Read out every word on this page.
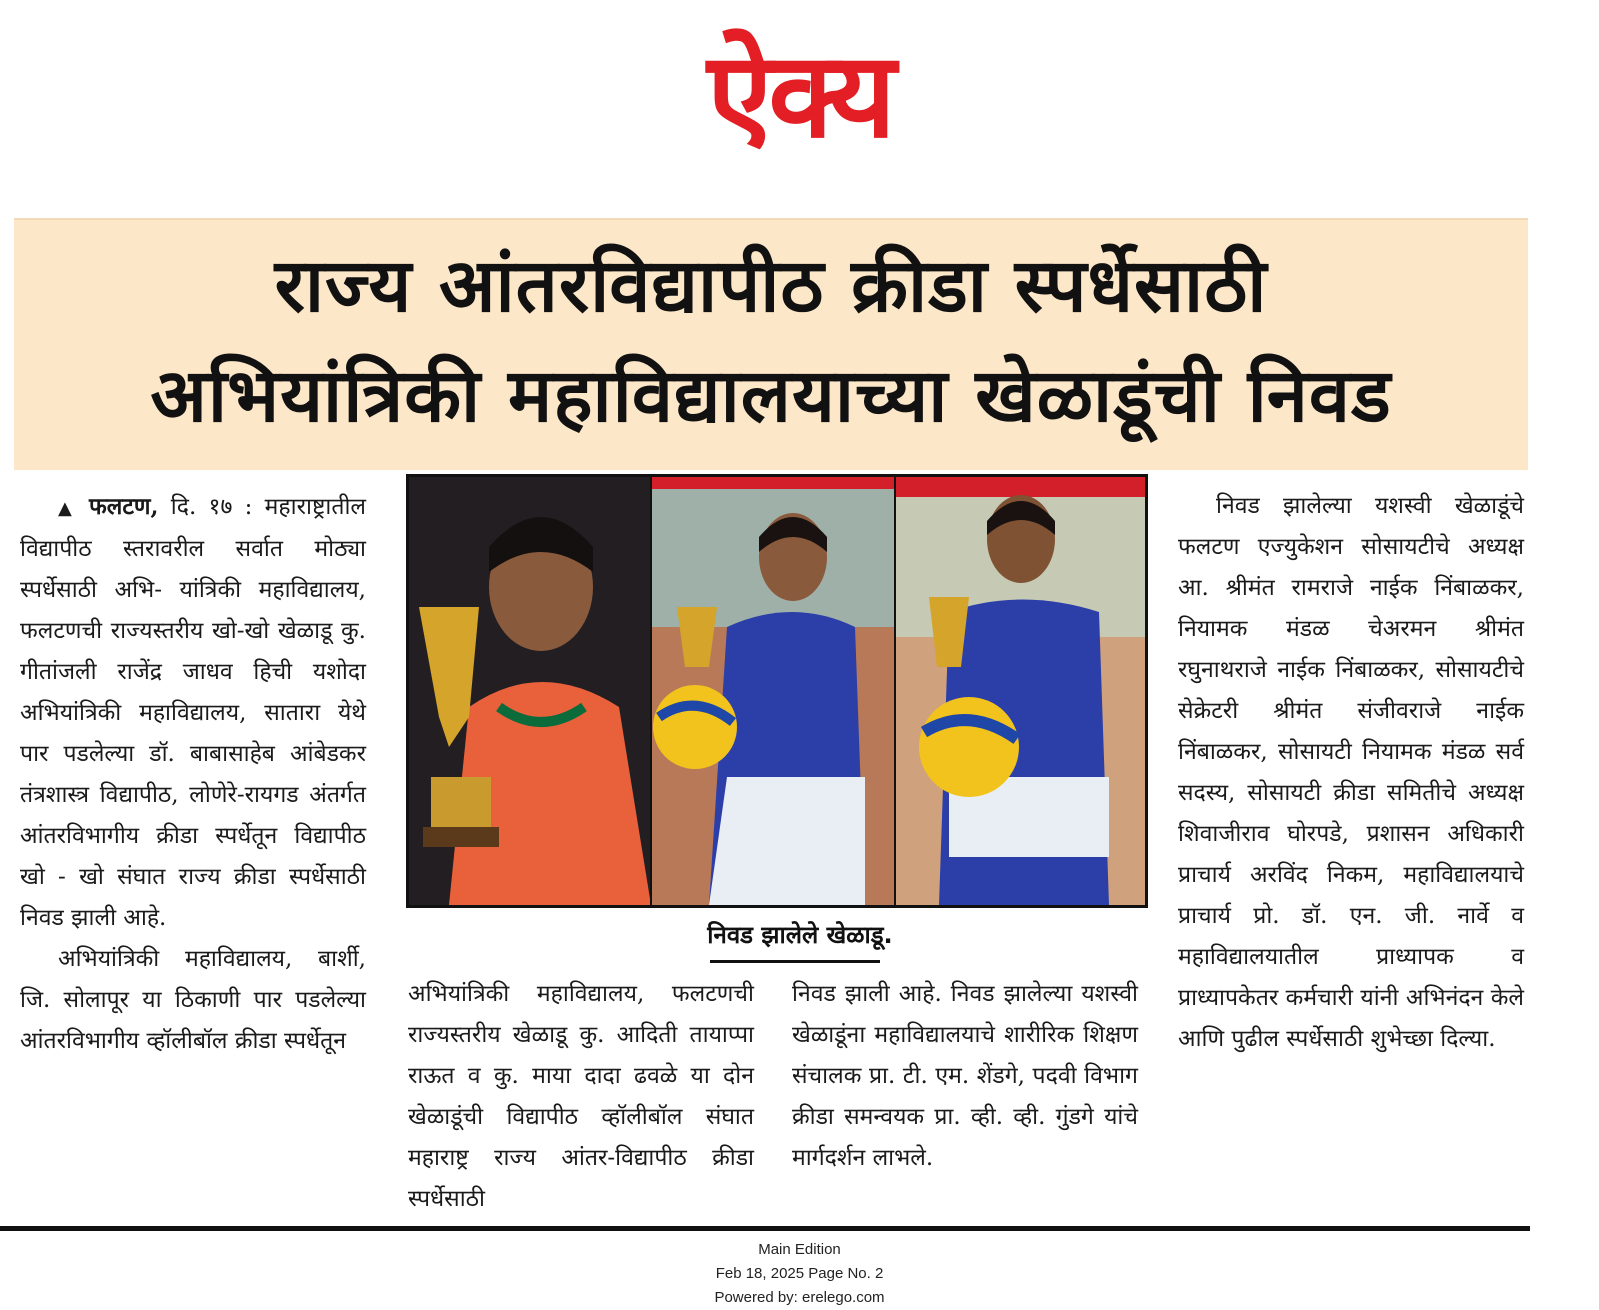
ऐक्य
राज्य आंतरविद्यापीठ क्रीडा स्पर्धेसाठी
अभियांत्रिकी महाविद्यालयाच्या खेळाडूंची निवड

▲ फलटण, दि. १७ : महाराष्ट्रातील विद्यापीठ स्तरावरील सर्वात मोठ्या स्पर्धेसाठी अभि- यांत्रिकी महाविद्यालय, फलटणची राज्यस्तरीय खो-खो खेळाडू कु. गीतांजली राजेंद्र जाधव हिची यशोदा अभियांत्रिकी महाविद्यालय, सातारा येथे पार पडलेल्या डॉ. बाबासाहेब आंबेडकर तंत्रशास्त्र विद्यापीठ, लोणेरे-रायगड अंतर्गत आंतरविभागीय क्रीडा स्पर्धेतून विद्यापीठ खो - खो संघात राज्य क्रीडा स्पर्धेसाठी निवड झाली आहे.

अभियांत्रिकी महाविद्यालय, बार्शी, जि. सोलापूर या ठिकाणी पार पडलेल्या आंतरविभागीय व्हॉलीबॉल क्रीडा स्पर्धेतून

निवड झालेले खेळाडू.

अभियांत्रिकी महाविद्यालय, फलटणची राज्यस्तरीय खेळाडू कु. आदिती तायाप्पा राऊत व कु. माया दादा ढवळे या दोन खेळाडूंची विद्यापीठ व्हॉलीबॉल संघात महाराष्ट्र राज्य आंतर-विद्यापीठ क्रीडा स्पर्धेसाठी

निवड झाली आहे. निवड झालेल्या यशस्वी खेळाडूंना महाविद्यालयाचे शारीरिक शिक्षण संचालक प्रा. टी. एम. शेंडगे, पदवी विभाग क्रीडा समन्वयक प्रा. व्ही. व्ही. गुंडगे यांचे मार्गदर्शन लाभले.

निवड झालेल्या यशस्वी खेळाडूंचे फलटण एज्युकेशन सोसायटीचे अध्यक्ष आ. श्रीमंत रामराजे नाईक निंबाळकर, नियामक मंडळ चेअरमन श्रीमंत रघुनाथराजे नाईक निंबाळकर, सोसायटीचे सेक्रेटरी श्रीमंत संजीवराजे नाईक निंबाळकर, सोसायटी नियामक मंडळ सर्व सदस्य, सोसायटी क्रीडा समितीचे अध्यक्ष शिवाजीराव घोरपडे, प्रशासन अधिकारी प्राचार्य अरविंद निकम, महाविद्यालयाचे प्राचार्य प्रो. डॉ. एन. जी. नार्वे व महाविद्यालयातील प्राध्यापक व प्राध्यापकेतर कर्मचारी यांनी अभिनंदन केले आणि पुढील स्पर्धेसाठी शुभेच्छा दिल्या.

Main Edition
Feb 18, 2025 Page No. 2
Powered by: erelego.com
